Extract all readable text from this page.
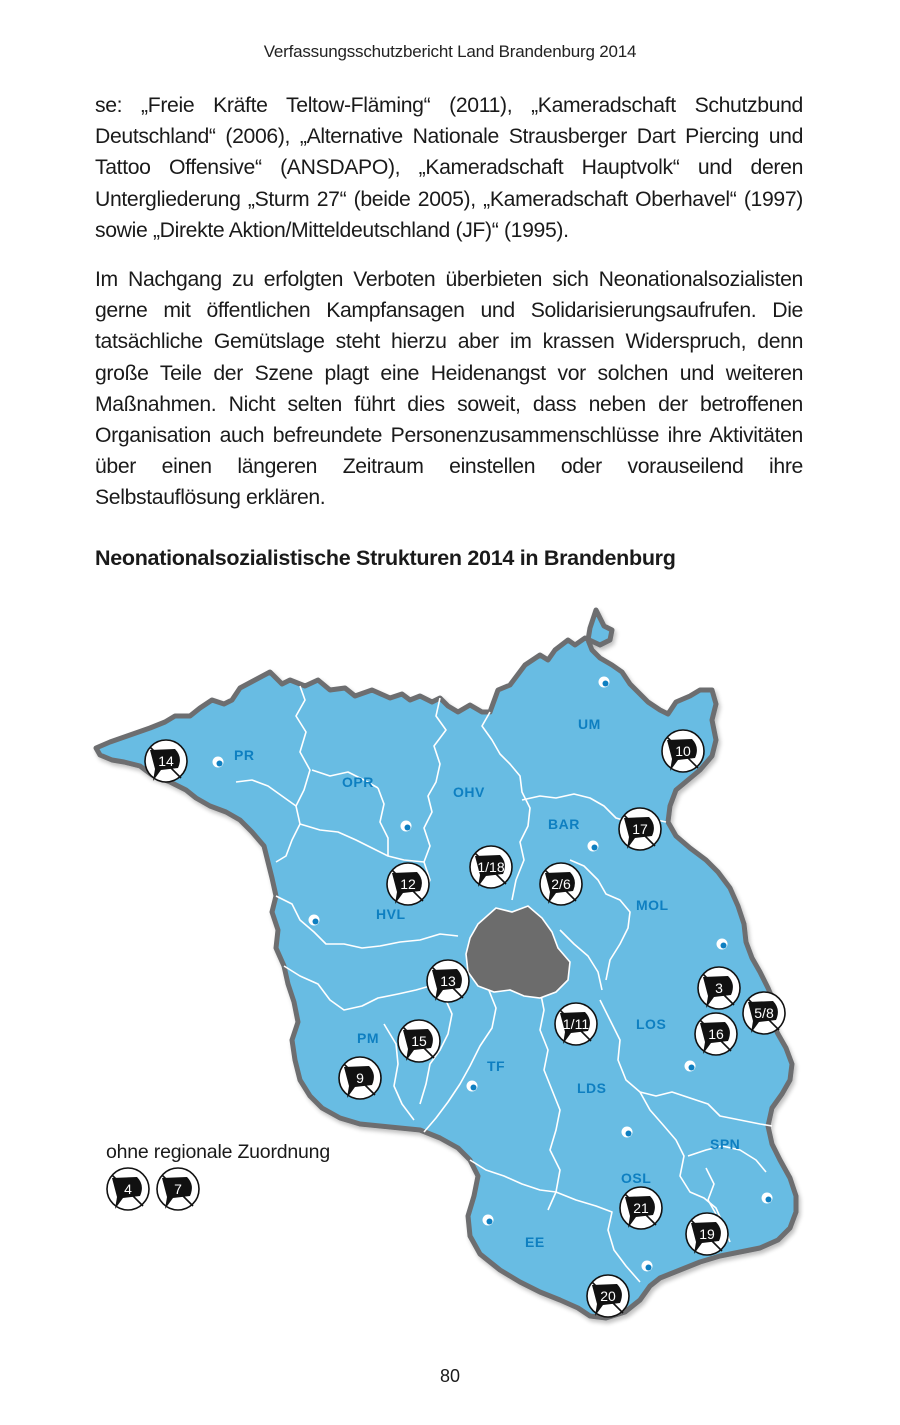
Verfassungsschutzbericht Land Brandenburg 2014

se: „Freie Kräfte Teltow-Fläming“ (2011), „Kameradschaft Schutzbund Deutschland“ (2006), „Alternative Nationale Strausberger Dart Piercing und Tattoo Offensive“ (ANSDAPO), „Kameradschaft Hauptvolk“ und deren Untergliederung „Sturm 27“ (beide 2005), „Kameradschaft Oberhavel“ (1997) sowie „Direkte Aktion/Mitteldeutschland (JF)“ (1995).

Im Nachgang zu erfolgten Verboten überbieten sich Neonationalsozialisten gerne mit öffentlichen Kampfansagen und Solidarisierungsaufrufen. Die tatsächliche Gemütslage steht hierzu aber im krassen Widerspruch, denn große Teile der Szene plagt eine Heidenangst vor solchen und weiteren Maßnahmen. Nicht selten führt dies soweit, dass neben der betroffenen Organisation auch befreundete Personenzusammenschlüsse ihre Aktivitäten über einen längeren Zeitraum einstellen oder vorauseilend ihre Selbstauflösung erklären.

Neonationalsozialistische Strukturen 2014 in Brandenburg
PR
OPR
OHV
UM
BAR
MOL
HVL
PM
TF
LDS
LOS
SPN
OSL
EE
14
10
17
1/18
12	2/6
13	3
5/8
1/11
16
15
9
21
19
20
4	7
ohne regionale Zuordnung
80
